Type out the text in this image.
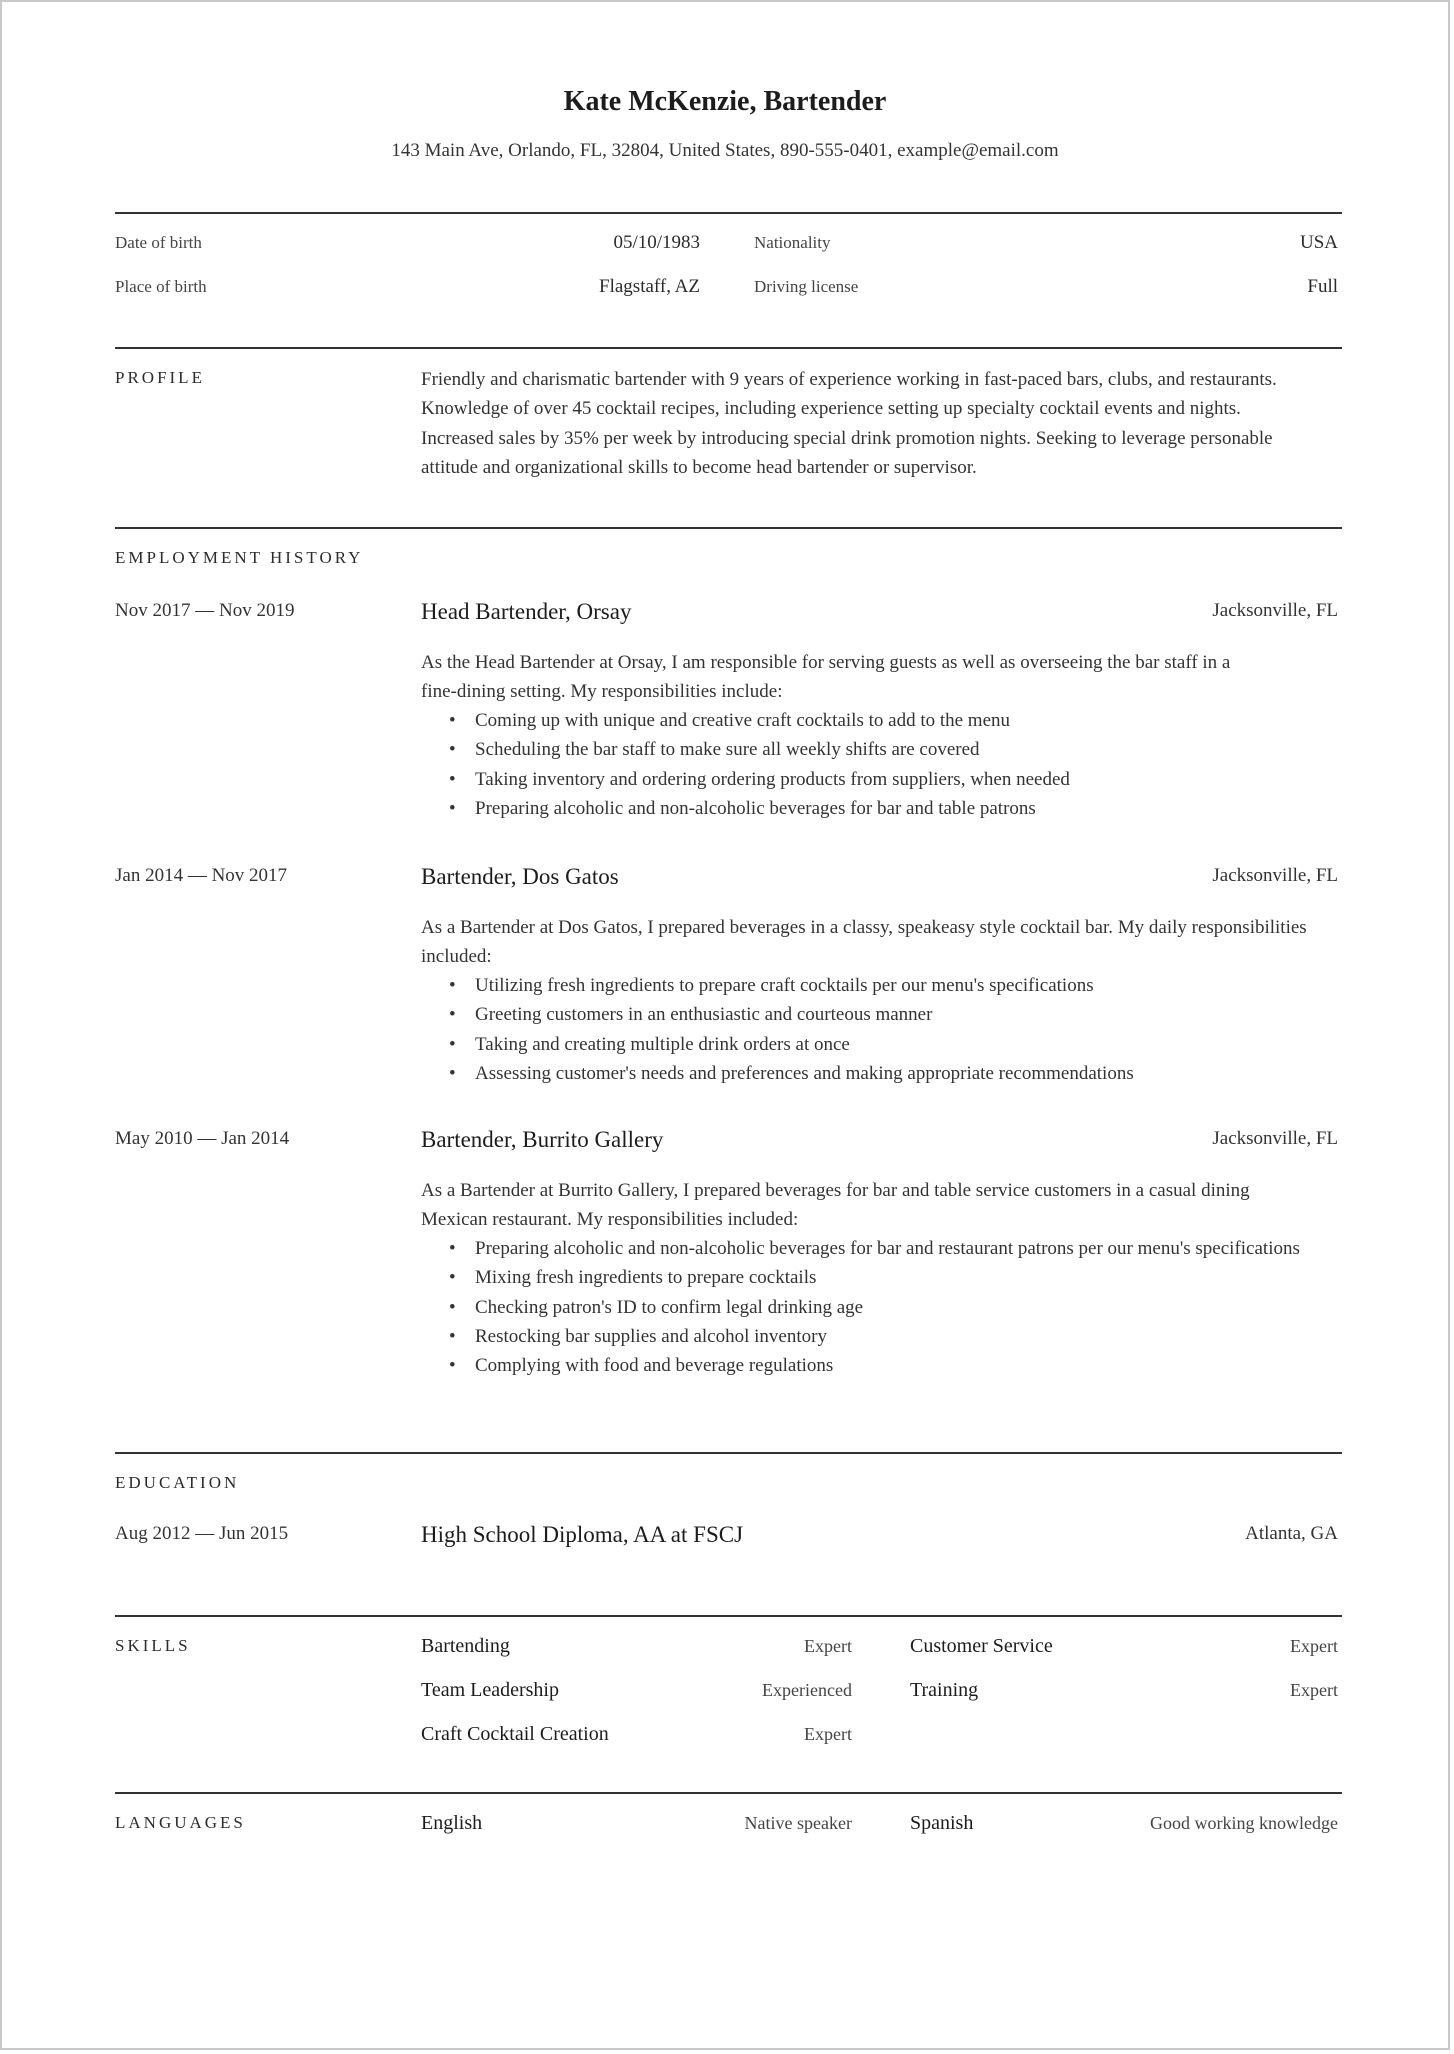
Kate McKenzie, Bartender
143 Main Ave, Orlando, FL, 32804, United States, 890-555-0401, example@email.com
Date of birth	05/10/1983	Nationality	USA
Place of birth	Flagstaff, AZ	Driving license	Full
PROFILE	Friendly and charismatic bartender with 9 years of experience working in fast-paced bars, clubs, and restaurants.
Knowledge of over 45 cocktail recipes, including experience setting up specialty cocktail events and nights.
Increased sales by 35% per week by introducing special drink promotion nights. Seeking to leverage personable
attitude and organizational skills to become head bartender or supervisor.
EMPLOYMENT HISTORY
Nov 2017 — Nov 2019	Head Bartender, Orsay	Jacksonville, FL
As the Head Bartender at Orsay, I am responsible for serving guests as well as overseeing the bar staff in a
fine-dining setting. My responsibilities include:
• Coming up with unique and creative craft cocktails to add to the menu
• Scheduling the bar staff to make sure all weekly shifts are covered
• Taking inventory and ordering ordering products from suppliers, when needed
• Preparing alcoholic and non-alcoholic beverages for bar and table patrons
Jan 2014 — Nov 2017	Bartender, Dos Gatos	Jacksonville, FL
As a Bartender at Dos Gatos, I prepared beverages in a classy, speakeasy style cocktail bar. My daily responsibilities
included:
• Utilizing fresh ingredients to prepare craft cocktails per our menu's specifications
• Greeting customers in an enthusiastic and courteous manner
• Taking and creating multiple drink orders at once
• Assessing customer's needs and preferences and making appropriate recommendations
May 2010 — Jan 2014	Bartender, Burrito Gallery	Jacksonville, FL
As a Bartender at Burrito Gallery, I prepared beverages for bar and table service customers in a casual dining
Mexican restaurant. My responsibilities included:
• Preparing alcoholic and non-alcoholic beverages for bar and restaurant patrons per our menu's specifications
• Mixing fresh ingredients to prepare cocktails
• Checking patron's ID to confirm legal drinking age
• Restocking bar supplies and alcohol inventory
• Complying with food and beverage regulations
EDUCATION
Aug 2012 — Jun 2015	High School Diploma, AA at FSCJ	Atlanta, GA
SKILLS	Bartending	Expert	Customer Service	Expert
Team Leadership	Experienced	Training	Expert
Craft Cocktail Creation	Expert
LANGUAGES	English	Native speaker	Spanish	Good working knowledge
